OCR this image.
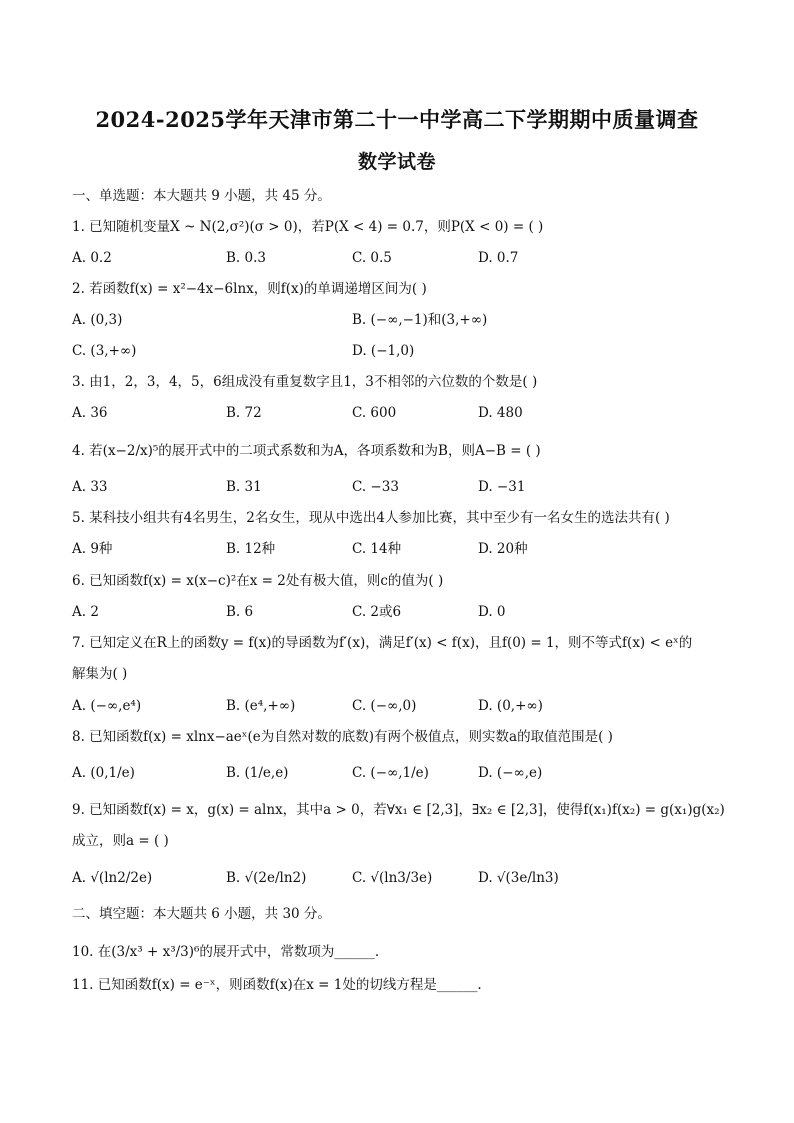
2024-2025学年天津市第二十一中学高二下学期期中质量调查
数学试卷
一、单选题：本大题共 9 小题，共 45 分。
1. 已知随机变量X ~ N(2,σ²)(σ > 0)，若P(X < 4) = 0.7，则P(X < 0) = ( )
A. 0.2	B. 0.3	C. 0.5	D. 0.7
2. 若函数f(x) = x²−4x−6lnx，则f(x)的单调递增区间为( )
A. (0,3)	B. (−∞,−1)和(3,+∞)
C. (3,+∞)	D. (−1,0)
3. 由1，2，3，4，5，6组成没有重复数字且1，3不相邻的六位数的个数是( )
A. 36	B. 72	C. 600	D. 480
4. 若(x−2/x)⁵的展开式中的二项式系数和为A，各项系数和为B，则A−B = ( )
A. 33	B. 31	C. −33	D. −31
5. 某科技小组共有4名男生，2名女生，现从中选出4人参加比赛，其中至少有一名女生的选法共有( )
A. 9种	B. 12种	C. 14种	D. 20种
6. 已知函数f(x) = x(x−c)²在x = 2处有极大值，则c的值为( )
A. 2	B. 6	C. 2或6	D. 0
7. 已知定义在R上的函数y = f(x)的导函数为f′(x)，满足f′(x) < f(x)，且f(0) = 1，则不等式f(x) < eˣ的
解集为( )
A. (−∞,e⁴)	B. (e⁴,+∞)	C. (−∞,0)	D. (0,+∞)
8. 已知函数f(x) = xlnx−aeˣ(e为自然对数的底数)有两个极值点，则实数a的取值范围是( )
A. (0,1/e)	B. (1/e,e)	C. (−∞,1/e)	D. (−∞,e)
9. 已知函数f(x) = x，g(x) = alnx，其中a > 0，若∀x₁ ∈ [2,3]，∃x₂ ∈ [2,3]，使得f(x₁)f(x₂) = g(x₁)g(x₂)
成立，则a = ( )
A. √(ln2/2e)	B. √(2e/ln2)	C. √(ln3/3e)	D. √(3e/ln3)
二、填空题：本大题共 6 小题，共 30 分。
10. 在(3/x³ + x³/3)⁶的展开式中，常数项为______.
11. 已知函数f(x) = e⁻ˣ，则函数f(x)在x = 1处的切线方程是______.
